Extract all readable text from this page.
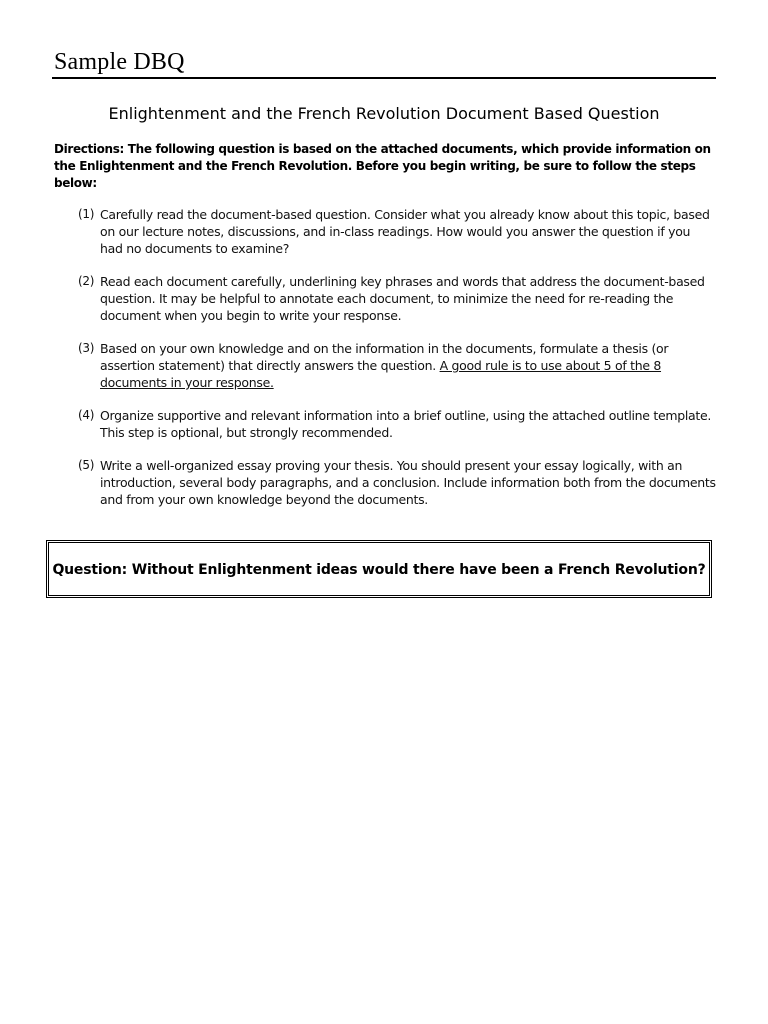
Sample DBQ
Enlightenment and the French Revolution Document Based Question
Directions: The following question is based on the attached documents, which provide information on the Enlightenment and the French Revolution. Before you begin writing, be sure to follow the steps below:
(1) Carefully read the document-based question. Consider what you already know about this topic, based on our lecture notes, discussions, and in-class readings. How would you answer the question if you had no documents to examine?
(2) Read each document carefully, underlining key phrases and words that address the document-based question. It may be helpful to annotate each document, to minimize the need for re-reading the document when you begin to write your response.
(3) Based on your own knowledge and on the information in the documents, formulate a thesis (or assertion statement) that directly answers the question. A good rule is to use about 5 of the 8 documents in your response.
(4) Organize supportive and relevant information into a brief outline, using the attached outline template. This step is optional, but strongly recommended.
(5) Write a well-organized essay proving your thesis. You should present your essay logically, with an introduction, several body paragraphs, and a conclusion. Include information both from the documents and from your own knowledge beyond the documents.
Question: Without Enlightenment ideas would there have been a French Revolution?
